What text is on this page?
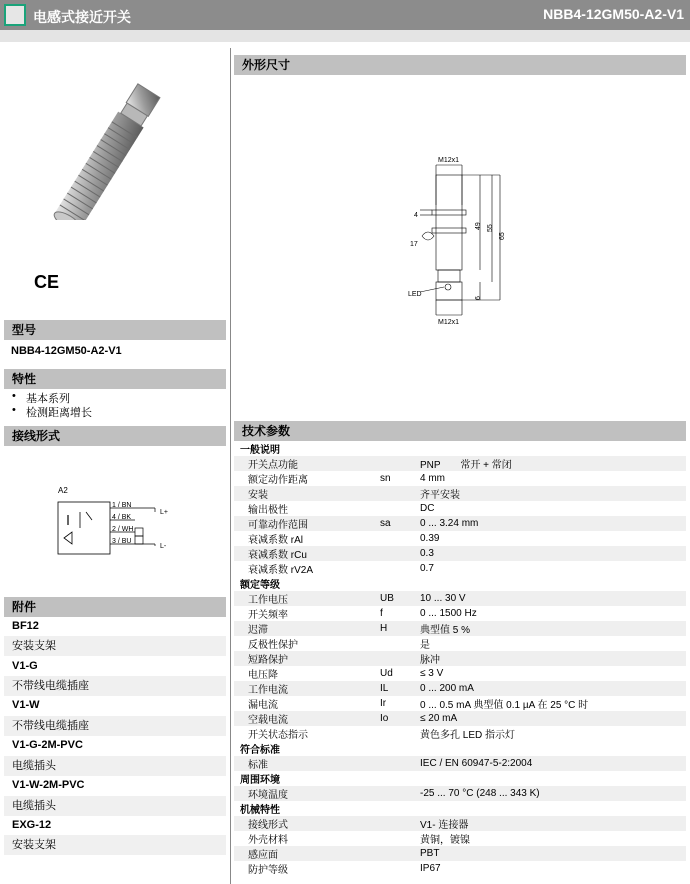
电感式接近开关	NBB4-12GM50-A2-V1
CE
型号
NBB4-12GM50-A2-V1
特性
• 基本系列
• 检测距离增长
接线形式
A2
1 / BN
4 / BK
2 / WH
3 / BU
L+
L-
附件
BF12
安装支架
V1-G
不带线电缆插座
V1-W
不带线电缆插座
V1-G-2M-PVC
电缆插头
V1-W-2M-PVC
电缆插头
EXG-12
安装支架
外形尺寸
M12x1
M12x1
4
17
LED
49 55
65
6
技术参数
一般说明		
开关点功能		PNP　　常开 + 常闭
额定动作距离	sn	4 mm
安装		齐平安装
输出极性		DC
可靠动作范围	sa	0 ... 3.24 mm
衰减系数 rAl		0.39
衰减系数 rCu		0.3
衰减系数 rV2A		0.7
额定等级		
工作电压	UB	10 ... 30 V
开关频率	f	0 ... 1500 Hz
迟滞	H	典型值 5 %
反极性保护		是
短路保护		脉冲
电压降	Ud	≤ 3 V
工作电流	IL	0 ... 200 mA
漏电流	Ir	0 ... 0.5 mA 典型值 0.1 µA 在 25 °C 时
空载电流	Io	≤ 20 mA
开关状态指示		黄色多孔 LED 指示灯
符合标准		
标准		IEC / EN 60947-5-2:2004
周围环境		
环境温度		-25 ... 70 °C (248 ... 343 K)
机械特性		
接线形式		V1- 连接器
外壳材料		黄铜，镀镍
感应面		PBT
防护等级		IP67
